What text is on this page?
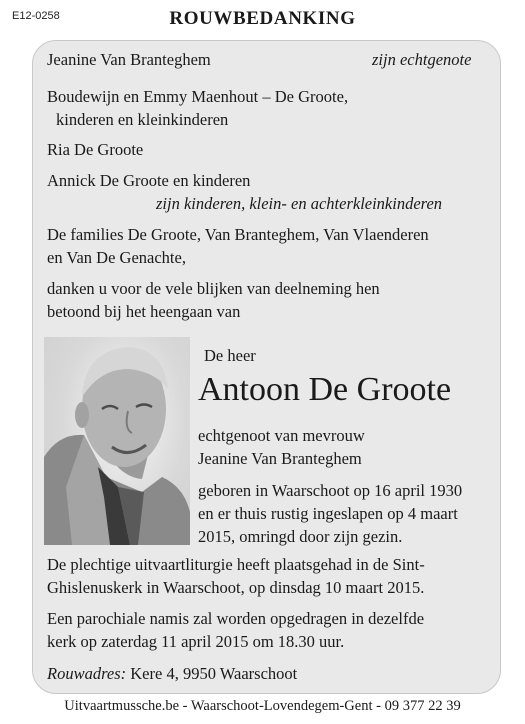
E12-0258	ROUWBEDANKING
Jeanine Van Branteghem	zijn echtgenote
Boudewijn en Emmy Maenhout – De Groote,
kinderen en kleinkinderen
Ria De Groote
Annick De Groote en kinderen
zijn kinderen, klein- en achterkleinkinderen
De families De Groote, Van Branteghem, Van Vlaenderen
en Van De Genachte,
danken u voor de vele blijken van deelneming hen
betoond bij het heengaan van
De heer
Antoon De Groote
echtgenoot van mevrouw
Jeanine Van Branteghem
geboren in Waarschoot op 16 april 1930
en er thuis rustig ingeslapen op 4 maart
2015, omringd door zijn gezin.
De plechtige uitvaartliturgie heeft plaatsgehad in de Sint-
Ghislenuskerk in Waarschoot, op dinsdag 10 maart 2015.
Een parochiale namis zal worden opgedragen in dezelfde
kerk op zaterdag 11 april 2015 om 18.30 uur.
Rouwadres: Kere 4, 9950 Waarschoot
Uitvaartmussche.be - Waarschoot-Lovendegem-Gent - 09 377 22 39
